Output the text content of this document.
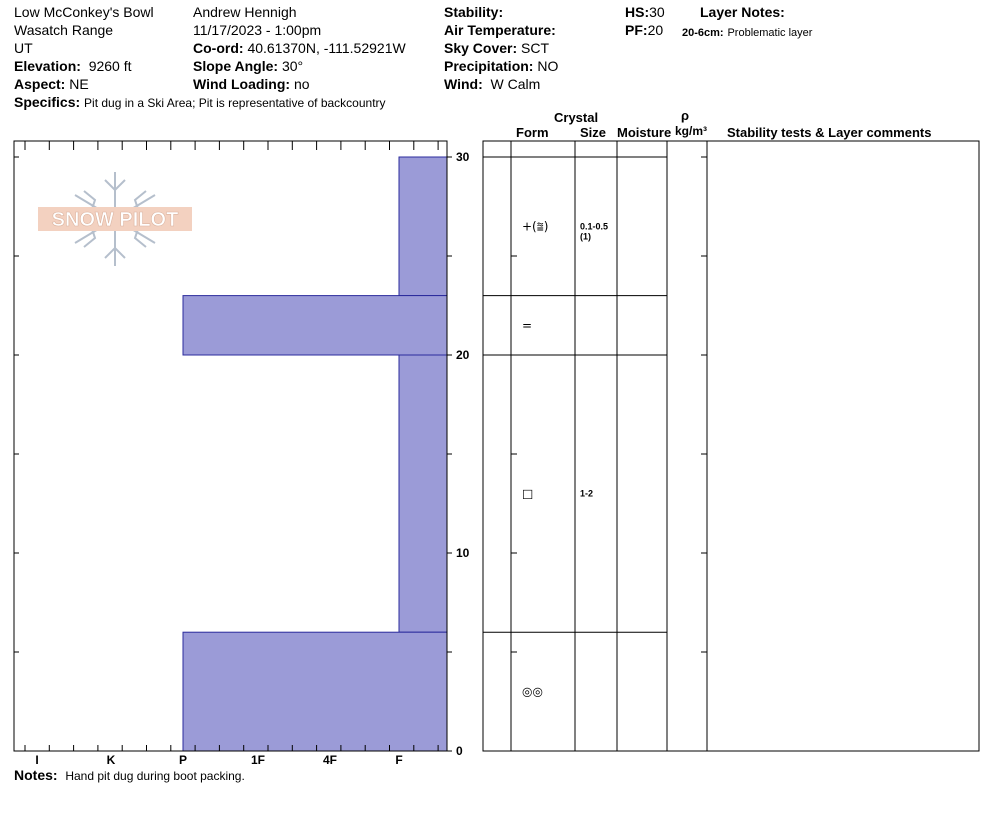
Low McConkey's Bowl
Wasatch Range
UT
Elevation: 9260 ft
Aspect: NE
Specifics: Pit dug in a Ski Area; Pit is representative of backcountry
Andrew Hennigh
11/17/2023 - 1:00pm
Co-ord: 40.61370N, -111.52921W
Slope Angle: 30°
Wind Loading: no
Stability:
Air Temperature:
Sky Cover: SCT
Precipitation: NO
Wind: W Calm
HS:30
PF:20
Layer Notes:
20-6cm: Problematic layer
Crystal
Form Size Moisture
ρ
kg/m³ Stability tests & Layer comments
SNOW PILOT
I	K	P	1F	4F	F
0
10
20
30
+(⩰)	0.1-0.5
(1)
=
□	1-2
◎◎
Notes: Hand pit dug during boot packing.
